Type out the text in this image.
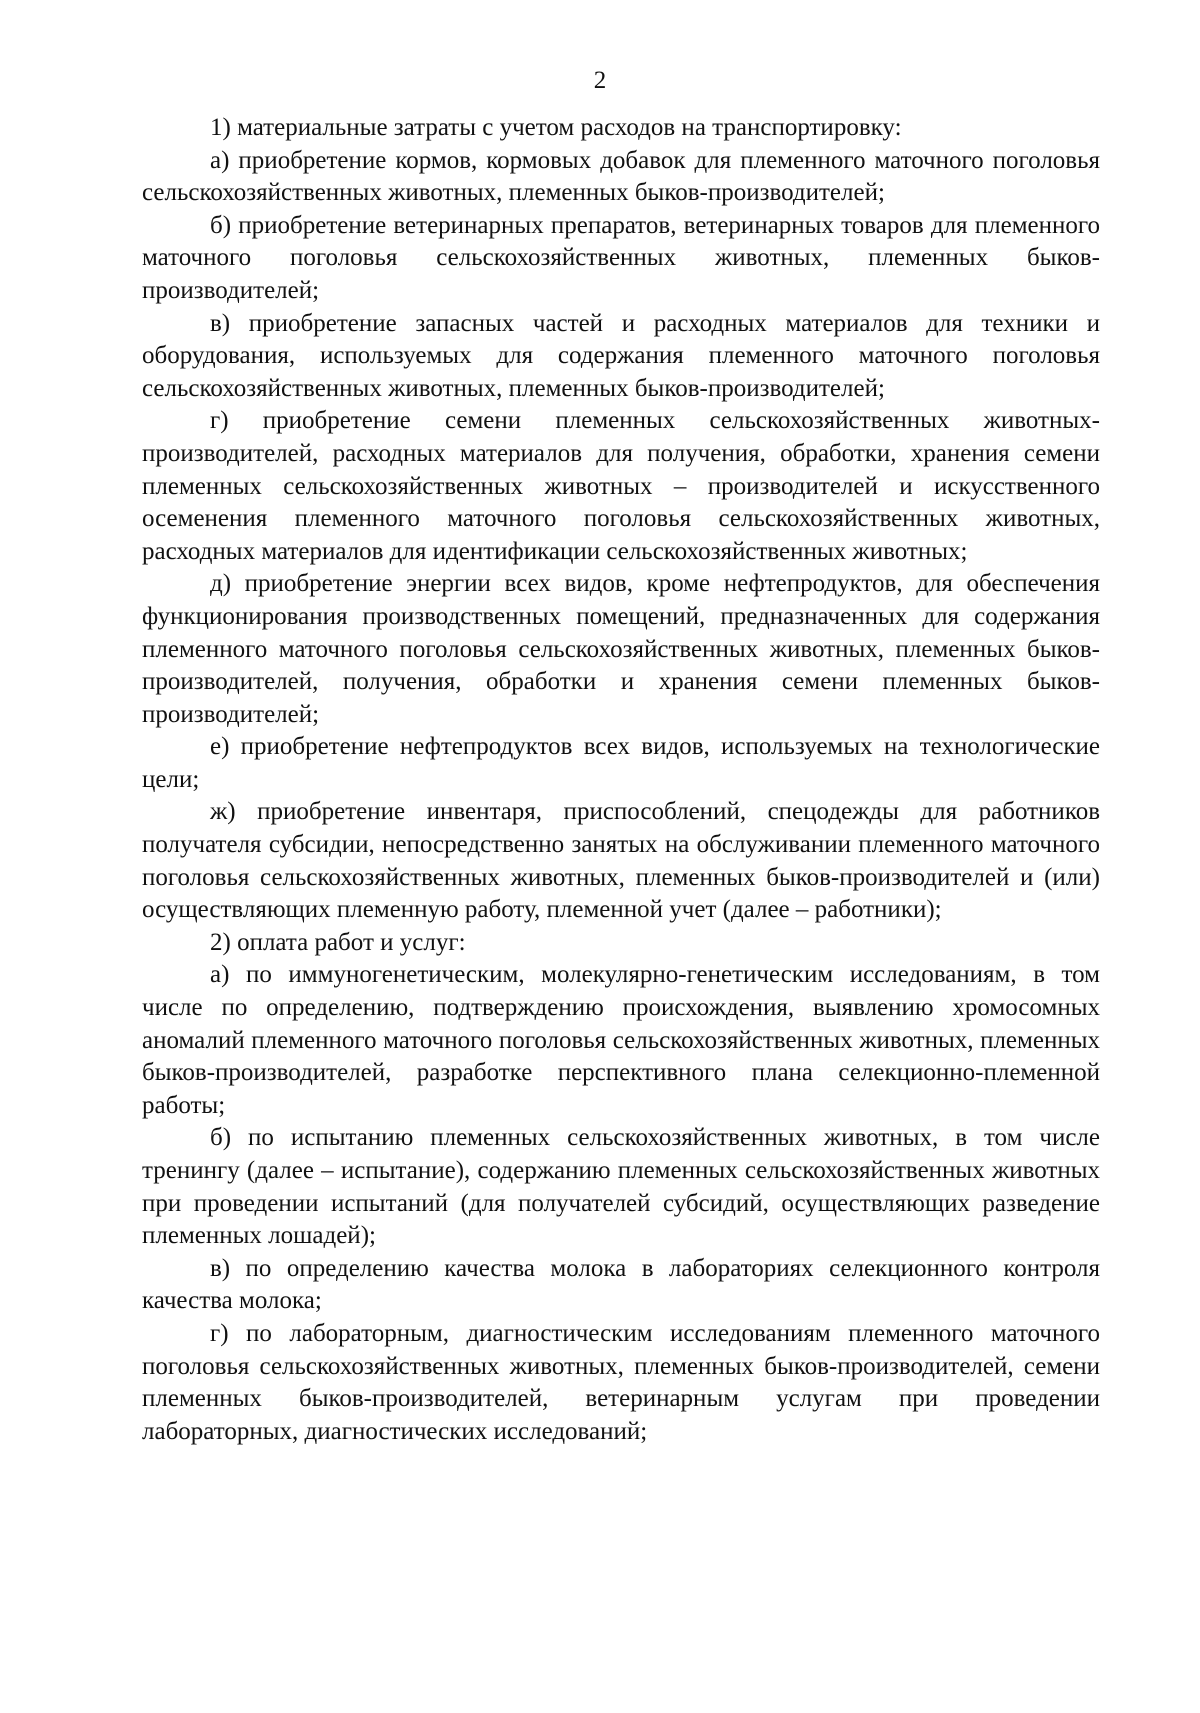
2

1) материальные затраты с учетом расходов на транспортировку:

а) приобретение кормов, кормовых добавок для племенного маточного поголовья сельскохозяйственных животных, племенных быков-производителей;

б) приобретение ветеринарных препаратов, ветеринарных товаров для племенного маточного поголовья сельскохозяйственных животных, племенных быков-производителей;

в) приобретение запасных частей и расходных материалов для техники и оборудования, используемых для содержания племенного маточного поголовья сельскохозяйственных животных, племенных быков-производителей;

г) приобретение семени племенных сельскохозяйственных животных-производителей, расходных материалов для получения, обработки, хранения семени племенных сельскохозяйственных животных – производителей и искусственного осеменения племенного маточного поголовья сельскохозяйственных животных, расходных материалов для идентификации сельскохозяйственных животных;

д) приобретение энергии всех видов, кроме нефтепродуктов, для обеспечения функционирования производственных помещений, предназначенных для содержания племенного маточного поголовья сельскохозяйственных животных, племенных быков-производителей, получения, обработки и хранения семени племенных быков-производителей;

е) приобретение нефтепродуктов всех видов, используемых на технологические цели;

ж) приобретение инвентаря, приспособлений, спецодежды для работников получателя субсидии, непосредственно занятых на обслуживании племенного маточного поголовья сельскохозяйственных животных, племенных быков-производителей и (или) осуществляющих племенную работу, племенной учет (далее – работники);

2) оплата работ и услуг:

а) по иммуногенетическим, молекулярно-генетическим исследованиям, в том числе по определению, подтверждению происхождения, выявлению хромосомных аномалий племенного маточного поголовья сельскохозяйственных животных, племенных быков-производителей, разработке перспективного плана селекционно-племенной работы;

б) по испытанию племенных сельскохозяйственных животных, в том числе тренингу (далее – испытание), содержанию племенных сельскохозяйственных животных при проведении испытаний (для получателей субсидий, осуществляющих разведение племенных лошадей);

в) по определению качества молока в лабораториях селекционного контроля качества молока;

г) по лабораторным, диагностическим исследованиям племенного маточного поголовья сельскохозяйственных животных, племенных быков-производителей, семени племенных быков-производителей, ветеринарным услугам при проведении лабораторных, диагностических исследований;
